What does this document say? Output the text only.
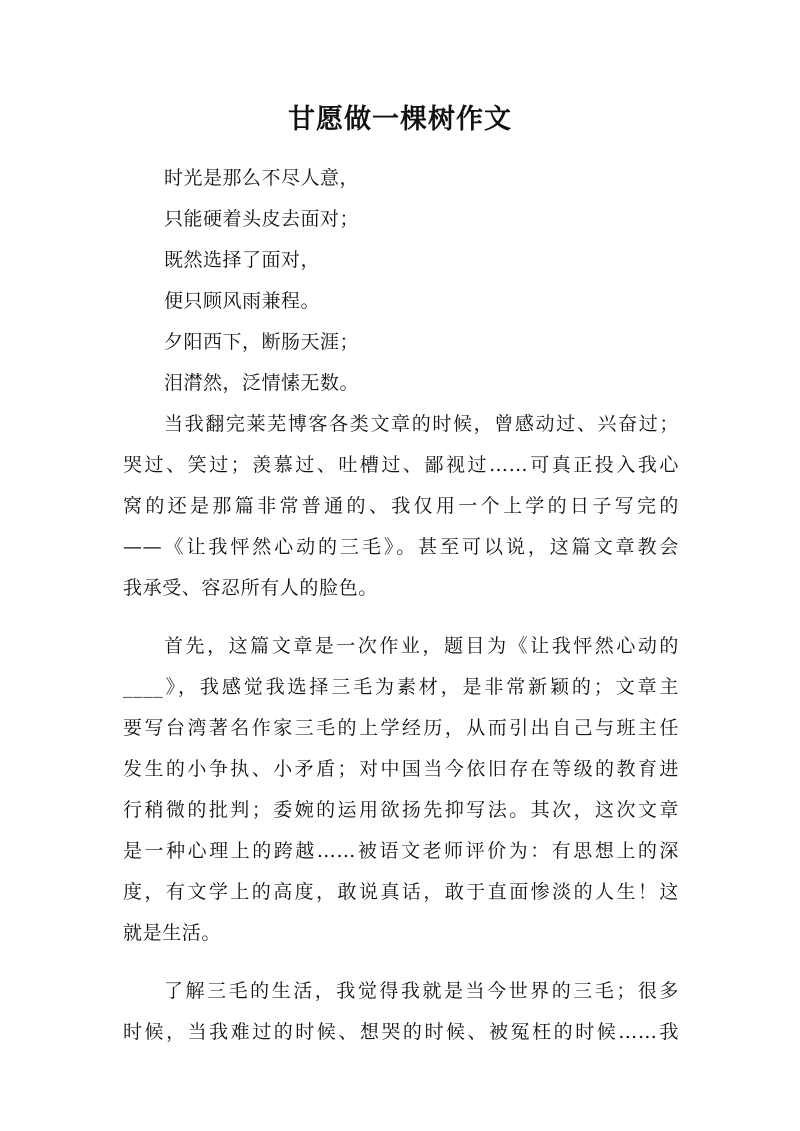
甘愿做一棵树作文
时光是那么不尽人意，
只能硬着头皮去面对；
既然选择了面对，
便只顾风雨兼程。
夕阳西下，断肠天涯；
泪潸然，泛情愫无数。
当我翻完莱芜博客各类文章的时候，曾感动过、兴奋过；
哭过、笑过；羡慕过、吐槽过、鄙视过……可真正投入我心
窝的还是那篇非常普通的、我仅用一个上学的日子写完的
——《让我怦然心动的三毛》。甚至可以说，这篇文章教会
我承受、容忍所有人的脸色。
首先，这篇文章是一次作业，题目为《让我怦然心动的
____》，我感觉我选择三毛为素材，是非常新颖的；文章主
要写台湾著名作家三毛的上学经历，从而引出自己与班主任
发生的小争执、小矛盾；对中国当今依旧存在等级的教育进
行稍微的批判；委婉的运用欲扬先抑写法。其次，这次文章
是一种心理上的跨越……被语文老师评价为：有思想上的深
度，有文学上的高度，敢说真话，敢于直面惨淡的人生！这
就是生活。
了解三毛的生活，我觉得我就是当今世界的三毛；很多
时候，当我难过的时候、想哭的时候、被冤枉的时候……我
